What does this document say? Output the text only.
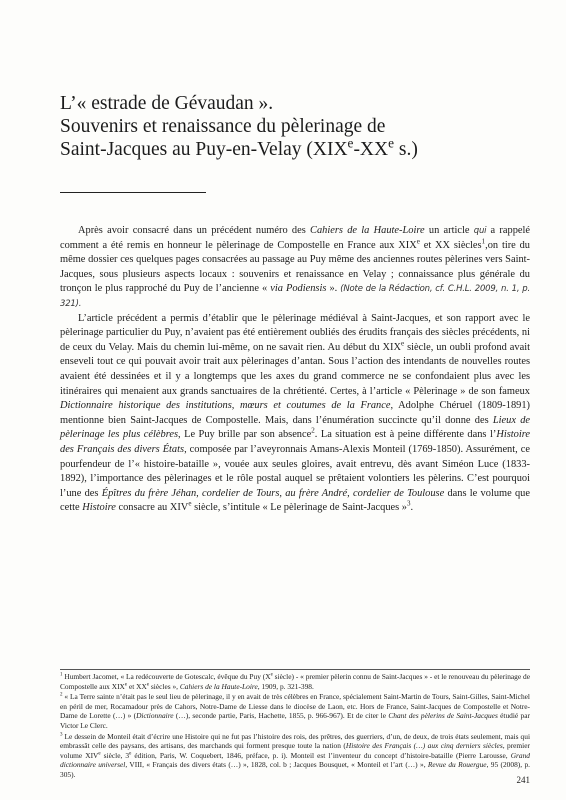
L’« estrade de Gévaudan ».
Souvenirs et renaissance du pèlerinage de
Saint-Jacques au Puy-en-Velay (XIXe-XXe s.)

Après avoir consacré dans un précédent numéro des Cahiers de la Haute-Loire un article qui a rappelé comment a été remis en honneur le pèlerinage de Compostelle en France aux XIXe et XX siècles$^1$,on tire du même dossier ces quelques pages consacrées au passage au Puy même des anciennes routes pèlerines vers Saint-Jacques, sous plusieurs aspects locaux : souvenirs et renaissance en Velay ; connaissance plus générale du tronçon le plus rapproché du Puy de l’ancienne « via Podiensis ». (Note de la Rédaction, cf. C.H.L. 2009, n. 1, p. 321).

L’article précédent a permis d’établir que le pèlerinage médiéval à Saint-Jacques, et son rapport avec le pèlerinage particulier du Puy, n’avaient pas été entièrement oubliés des érudits français des siècles précédents, ni de ceux du Velay. Mais du chemin lui-même, on ne savait rien. Au début du XIXe siècle, un oubli profond avait enseveli tout ce qui pouvait avoir trait aux pèlerinages d’antan. Sous l’action des intendants de nouvelles routes avaient été dessinées et il y a longtemps que les axes du grand commerce ne se confondaient plus avec les itinéraires qui menaient aux grands sanctuaires de la chrétienté. Certes, à l’article « Pèlerinage » de son fameux Dictionnaire historique des institutions, mœurs et coutumes de la France, Adolphe Chéruel (1809-1891) mentionne bien Saint-Jacques de Compostelle. Mais, dans l’énumération succincte qu’il donne des Lieux de pèlerinage les plus célèbres, Le Puy brille par son absence$^2$. La situation est à peine différente dans l’Histoire des Français des divers États, composée par l’aveyronnais Amans-Alexis Monteil (1769-1850). Assurément, ce pourfendeur de l’« histoire-bataille », vouée aux seules gloires, avait entrevu, dès avant Siméon Luce (1833-1892), l’importance des pèlerinages et le rôle postal auquel se prêtaient volontiers les pèlerins. C’est pourquoi l’une des Épîtres du frère Jéhan, cordelier de Tours, au frère André, cordelier de Toulouse dans le volume que cette Histoire consacre au XIVe siècle, s’intitule « Le pèlerinage de Saint-Jacques »$^3$.

$^1$ Humbert Jacomet, « La redécouverte de Gotescalc, évêque du Puy (Xe siècle) - « premier pèlerin connu de Saint-Jacques » - et le renouveau du pèlerinage de Compostelle aux XIXe et XXe siècles », Cahiers de la Haute-Loire, 1909, p. 321-398.

$^2$ « La Terre sainte n’était pas le seul lieu de pèlerinage, il y en avait de très célèbres en France, spécialement Saint-Martin de Tours, Saint-Gilles, Saint-Michel en péril de mer, Rocamadour près de Cahors, Notre-Dame de Liesse dans le diocèse de Laon, etc. Hors de France, Saint-Jacques de Compostelle et Notre-Dame de Lorette (…) » (Dictionnaire (…), seconde partie, Paris, Hachette, 1855, p. 966-967). Et de citer le Chant des pèlerins de Saint-Jacques étudié par Victor Le Clerc.

$^3$ Le dessein de Monteil était d’écrire une Histoire qui ne fut pas l’histoire des rois, des prêtres, des guerriers, d’un, de deux, de trois états seulement, mais qui embrassât celle des paysans, des artisans, des marchands qui forment presque toute la nation (Histoire des Français (…) aux cinq derniers siècles, premier volume XIVe siècle, 3e édition, Paris, W. Coquebert, 1846, préface, p. i). Monteil est l’inventeur du concept d’histoire-bataille (Pierre Larousse, Grand dictionnaire universel, VIII, « Français des divers états (…) », 1828, col. b ; Jacques Bousquet, « Monteil et l’art (…) », Revue du Rouergue, 95 (2008), p. 305).

241
